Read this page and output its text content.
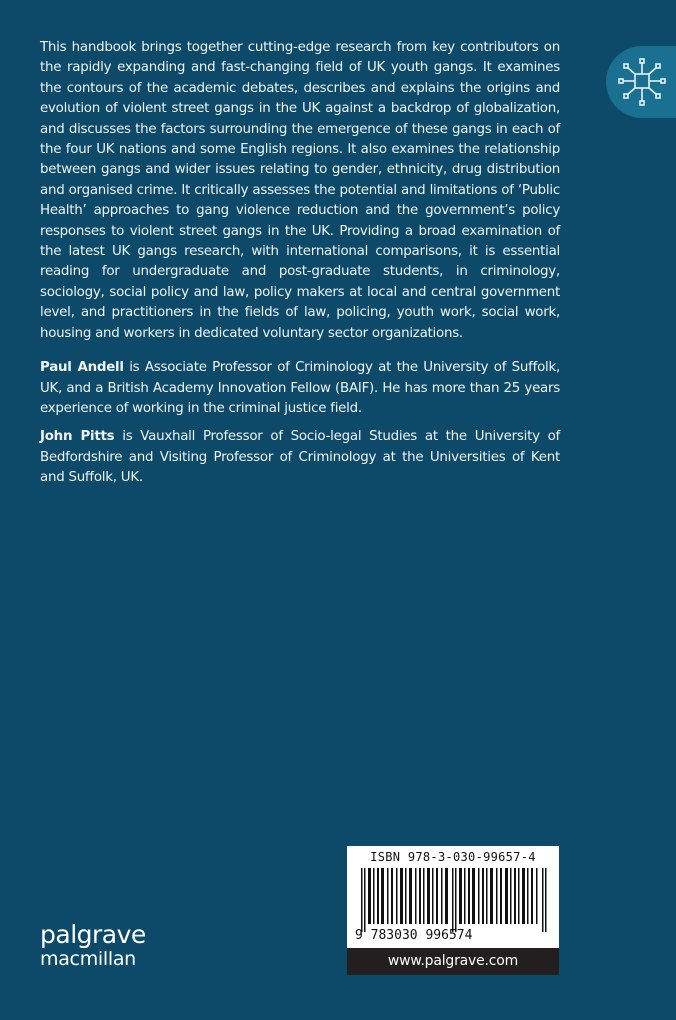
This handbook brings together cutting-edge research from key contributors on the rapidly expanding and fast-changing field of UK youth gangs. It examines the contours of the academic debates, describes and explains the origins and evolution of violent street gangs in the UK against a backdrop of globalization, and discusses the factors surrounding the emergence of these gangs in each of the four UK nations and some English regions. It also examines the relationship between gangs and wider issues relating to gender, ethnicity, drug distribution and organised crime. It critically assesses the potential and limitations of ‘Public Health’ approaches to gang violence reduction and the government’s policy responses to violent street gangs in the UK. Providing a broad examination of the latest UK gangs research, with international comparisons, it is essential reading for undergraduate and post-graduate students, in criminology, sociology, social policy and law, policy makers at local and central government level, and practitioners in the fields of law, policing, youth work, social work, housing and workers in dedicated voluntary sector organizations.

Paul Andell is Associate Professor of Criminology at the University of Suffolk, UK, and a British Academy Innovation Fellow (BAIF). He has more than 25 years experience of working in the criminal justice field.

John Pitts is Vauxhall Professor of Socio-legal Studies at the University of Bedfordshire and Visiting Professor of Criminology at the Universities of Kent and Suffolk, UK.

palgrave
macmillan
ISBN 978-3-030-99657-4
9 783030 996574
www.palgrave.com
